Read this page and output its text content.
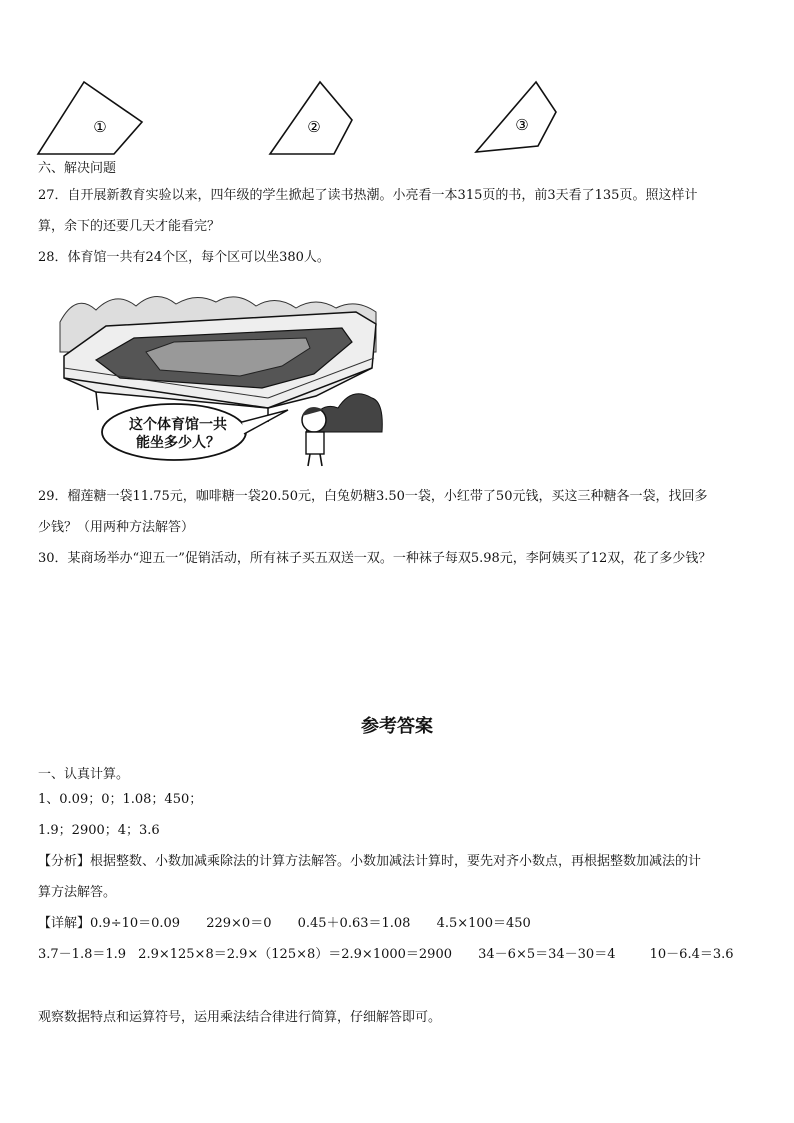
①	②	③
六、解决问题
27．自开展新教育实验以来，四年级的学生掀起了读书热潮。小亮看一本315页的书，前3天看了135页。照这样计
算，余下的还要几天才能看完？
28．体育馆一共有24个区，每个区可以坐380人。
这个体育馆一共
能坐多少人？
29．榴莲糖一袋11.75元，咖啡糖一袋20.50元，白兔奶糖3.50一袋，小红带了50元钱，买这三种糖各一袋，找回多
少钱？（用两种方法解答）
30．某商场举办“迎五一”促销活动，所有袜子买五双送一双。一种袜子每双5.98元，李阿姨买了12双，花了多少钱？
参考答案
一、认真计算。
1、0.09；0；1.08；450；
1.9；2900；4；3.6
【分析】根据整数、小数加减乘除法的计算方法解答。小数加减法计算时，要先对齐小数点，再根据整数加减法的计
算方法解答。
【详解】0.9÷10＝0.09 229×0＝0 0.45＋0.63＝1.08 4.5×100＝450
3.7－1.8＝1.9 2.9×125×8＝2.9×（125×8）＝2.9×1000＝2900 34－6×5＝34－30＝4	10－6.4＝3.6
观察数据特点和运算符号，运用乘法结合律进行简算，仔细解答即可。
